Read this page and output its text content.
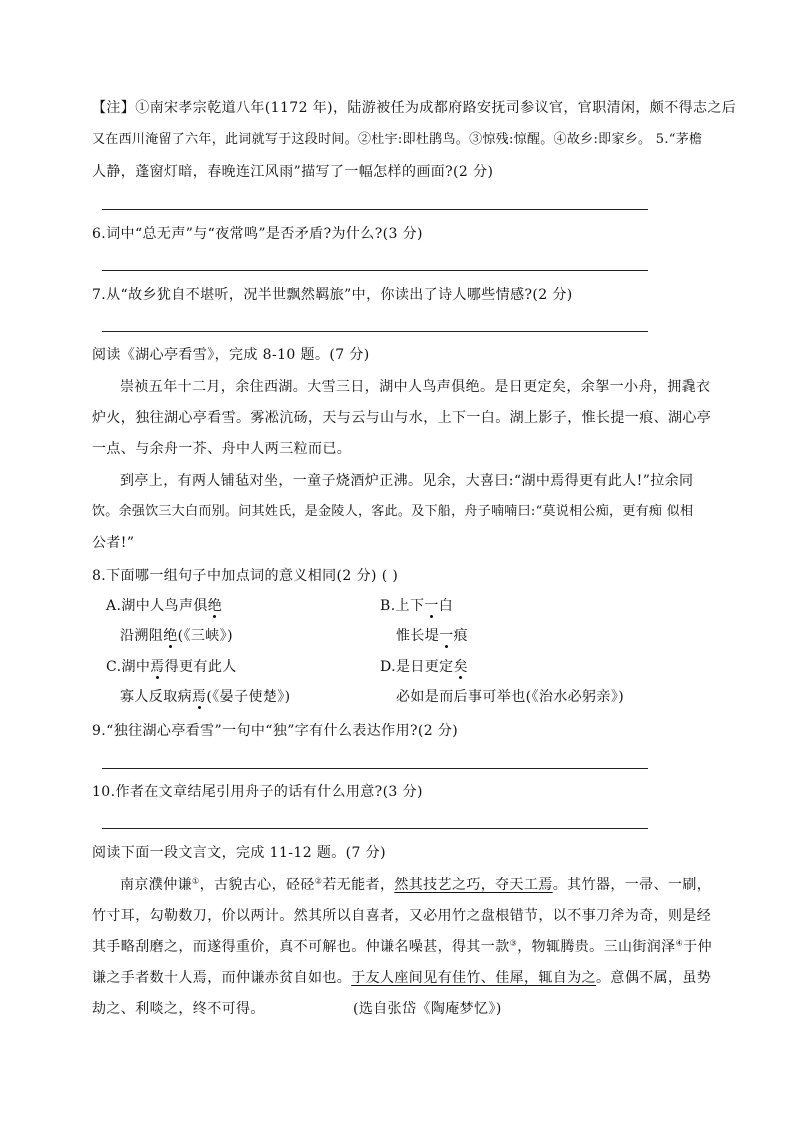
【注】①南宋孝宗乾道八年(1172 年)，陆游被任为成都府路安抚司参议官，官职清闲，颇不得志之后
又在西川淹留了六年，此词就写于这段时间。②杜宇:即杜鹃鸟。③惊残:惊醒。④故乡:即家乡。 5.“茅檐
人静，蓬窗灯暗，春晚连江风雨”描写了一幅怎样的画面?(2 分)
6.词中“总无声”与“夜常鸣”是否矛盾?为什么?(3 分)
7.从“故乡犹自不堪听，况半世飘然羁旅”中，你读出了诗人哪些情感?(2 分)
阅读《湖心亭看雪》，完成 8-10 题。(7 分)
崇祯五年十二月，余住西湖。大雪三日，湖中人鸟声俱绝。是日更定矣，余挐一小舟，拥毳衣
炉火，独往湖心亭看雪。雾凇沆砀，天与云与山与水，上下一白。湖上影子，惟长提一痕、湖心亭
一点、与余舟一芥、舟中人两三粒而已。
到亭上，有两人铺毡对坐，一童子烧酒炉正沸。见余，大喜曰:“湖中焉得更有此人!”拉余同
饮。余强饮三大白而别。问其姓氏，是金陵人，客此。及下船，舟子喃喃曰:“莫说相公痴，更有痴 似相
公者!”
8.下面哪一组句子中加点词的意义相同(2 分) ( )
A.湖中人鸟声俱绝	B.上下一白
沿溯阻绝(《三峡》)	惟长堤一痕
C.湖中焉得更有此人	D.是日更定矣
寡人反取病焉(《晏子使楚》)	必如是而后事可举也(《治水必躬亲》)
9.“独往湖心亭看雪”一句中“独”字有什么表达作用?(2 分)
10.作者在文章结尾引用舟子的话有什么用意?(3 分)
阅读下面一段文言文，完成 11-12 题。(7 分)
南京濮仲谦①，古貌古心，硁硁②若无能者，然其技艺之巧，夺天工焉。其竹器，一帚、一刷，
竹寸耳，勾勒数刀，价以两计。然其所以自喜者，又必用竹之盘根错节，以不事刀斧为奇，则是经
其手略刮磨之，而遂得重价，真不可解也。仲谦名噪甚，得其一款③，物辄腾贵。三山街润泽④于仲
谦之手者数十人焉，而仲谦赤贫自如也。于友人座间见有佳竹、佳犀，辄自为之。意偶不属，虽势
劫之、利啖之，终不可得。	(选自张岱《陶庵梦忆》)
